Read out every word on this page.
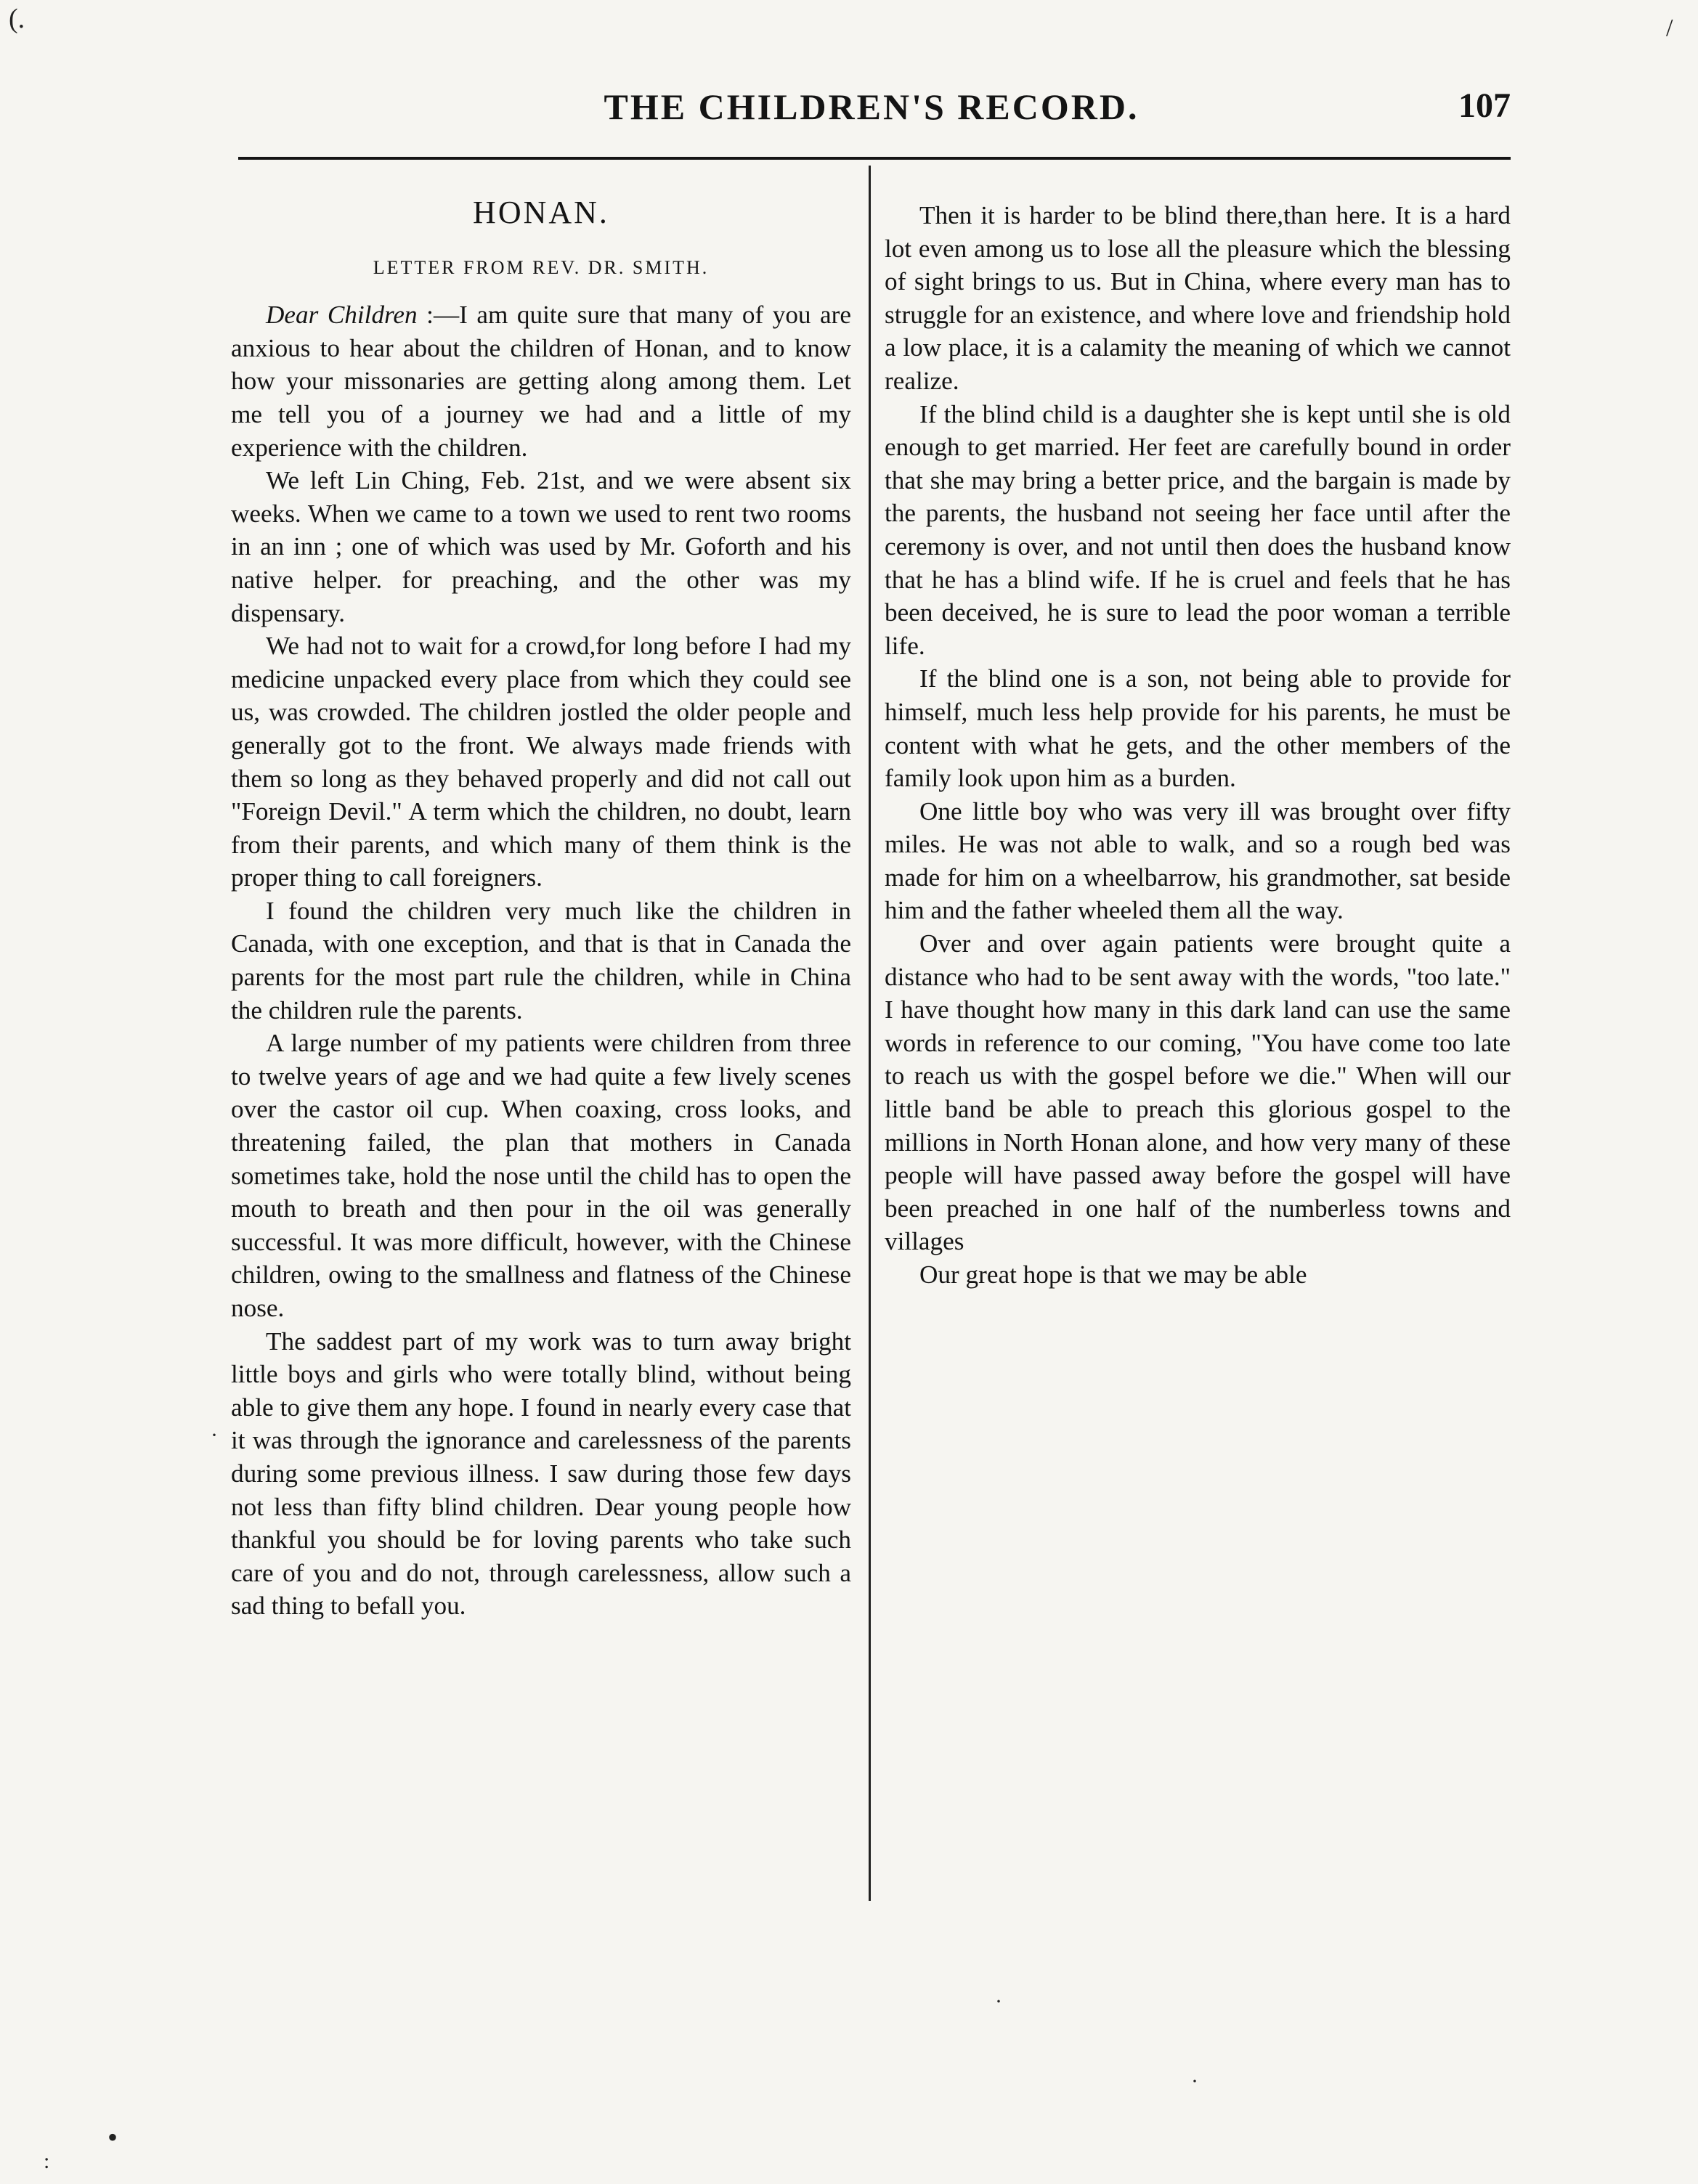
(.	/
·
·
·
•
:
THE CHILDREN'S RECORD.	107
HONAN.
LETTER FROM REV. DR. SMITH.

Dear Children :—I am quite sure that many of you are anxious to hear about the children of Honan, and to know how your missonaries are getting along among them. Let me tell you of a journey we had and a little of my experience with the children.

We left Lin Ching, Feb. 21st, and we were absent six weeks. When we came to a town we used to rent two rooms in an inn ; one of which was used by Mr. Goforth and his native helper. for preaching, and the other was my dispensary.

We had not to wait for a crowd,for long before I had my medicine unpacked every place from which they could see us, was crowded. The children jostled the older people and generally got to the front. We always made friends with them so long as they behaved properly and did not call out "Foreign Devil." A term which the children, no doubt, learn from their parents, and which many of them think is the proper thing to call foreigners.

I found the children very much like the children in Canada, with one exception, and that is that in Canada the parents for the most part rule the children, while in China the children rule the parents.

A large number of my patients were children from three to twelve years of age and we had quite a few lively scenes over the castor oil cup. When coaxing, cross looks, and threatening failed, the plan that mothers in Canada sometimes take, hold the nose until the child has to open the mouth to breath and then pour in the oil was generally successful. It was more difficult, however, with the Chinese children, owing to the smallness and flatness of the Chinese nose.

The saddest part of my work was to turn away bright little boys and girls who were totally blind, without being able to give them any hope. I found in nearly every case that it was through the ignorance and carelessness of the parents during some previous illness. I saw during those few days not less than fifty blind children. Dear young people how thankful you should be for loving parents who take such care of you and do not, through carelessness, allow such a sad thing to befall you.

Then it is harder to be blind there,than here. It is a hard lot even among us to lose all the pleasure which the blessing of sight brings to us. But in China, where every man has to struggle for an existence, and where love and friendship hold a low place, it is a calamity the meaning of which we cannot realize.

If the blind child is a daughter she is kept until she is old enough to get married. Her feet are carefully bound in order that she may bring a better price, and the bargain is made by the parents, the husband not seeing her face until after the ceremony is over, and not until then does the husband know that he has a blind wife. If he is cruel and feels that he has been deceived, he is sure to lead the poor woman a terrible life.

If the blind one is a son, not being able to provide for himself, much less help provide for his parents, he must be content with what he gets, and the other members of the family look upon him as a burden.

One little boy who was very ill was brought over fifty miles. He was not able to walk, and so a rough bed was made for him on a wheelbarrow, his grandmother, sat beside him and the father wheeled them all the way.

Over and over again patients were brought quite a distance who had to be sent away with the words, "too late." I have thought how many in this dark land can use the same words in reference to our coming, "You have come too late to reach us with the gospel before we die." When will our little band be able to preach this glorious gospel to the millions in North Honan alone, and how very many of these people will have passed away before the gospel will have been preached in one half of the numberless towns and villages

Our great hope is that we may be able
